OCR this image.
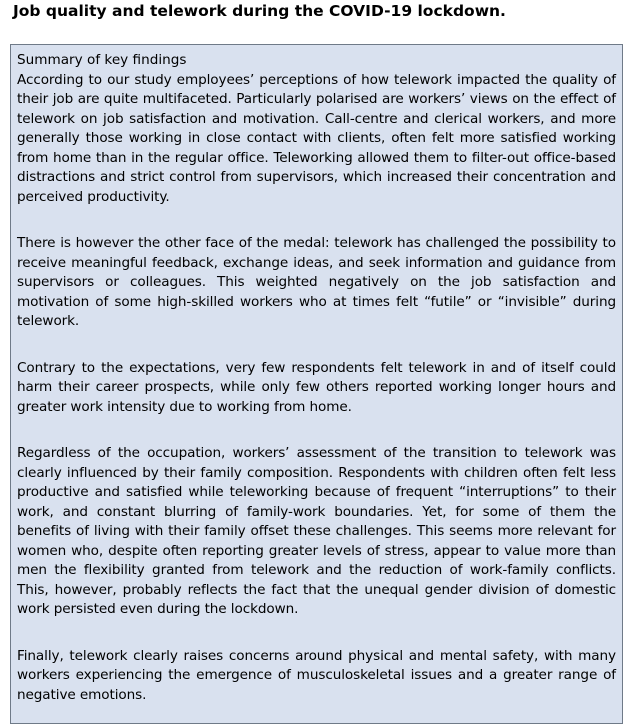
Job quality and telework during the COVID-19 lockdown.

Summary of key findings

According to our study employees’ perceptions of how telework impacted the quality of their job are quite multifaceted. Particularly polarised are workers’ views on the effect of telework on job satisfaction and motivation. Call-centre and clerical workers, and more generally those working in close contact with clients, often felt more satisfied working from home than in the regular office. Teleworking allowed them to filter-out office-based distractions and strict control from supervisors, which increased their concentration and perceived productivity.

There is however the other face of the medal: telework has challenged the possibility to receive meaningful feedback, exchange ideas, and seek information and guidance from supervisors or colleagues. This weighted negatively on the job satisfaction and motivation of some high-skilled workers who at times felt “futile” or “invisible” during telework.

Contrary to the expectations, very few respondents felt telework in and of itself could harm their career prospects, while only few others reported working longer hours and greater work intensity due to working from home.

Regardless of the occupation, workers’ assessment of the transition to telework was clearly influenced by their family composition. Respondents with children often felt less productive and satisfied while teleworking because of frequent “interruptions” to their work, and constant blurring of family-work boundaries. Yet, for some of them the benefits of living with their family offset these challenges. This seems more relevant for women who, despite often reporting greater levels of stress, appear to value more than men the flexibility granted from telework and the reduction of work-family conflicts. This, however, probably reflects the fact that the unequal gender division of domestic work persisted even during the lockdown.

Finally, telework clearly raises concerns around physical and mental safety, with many workers experiencing the emergence of musculoskeletal issues and a greater range of negative emotions.
